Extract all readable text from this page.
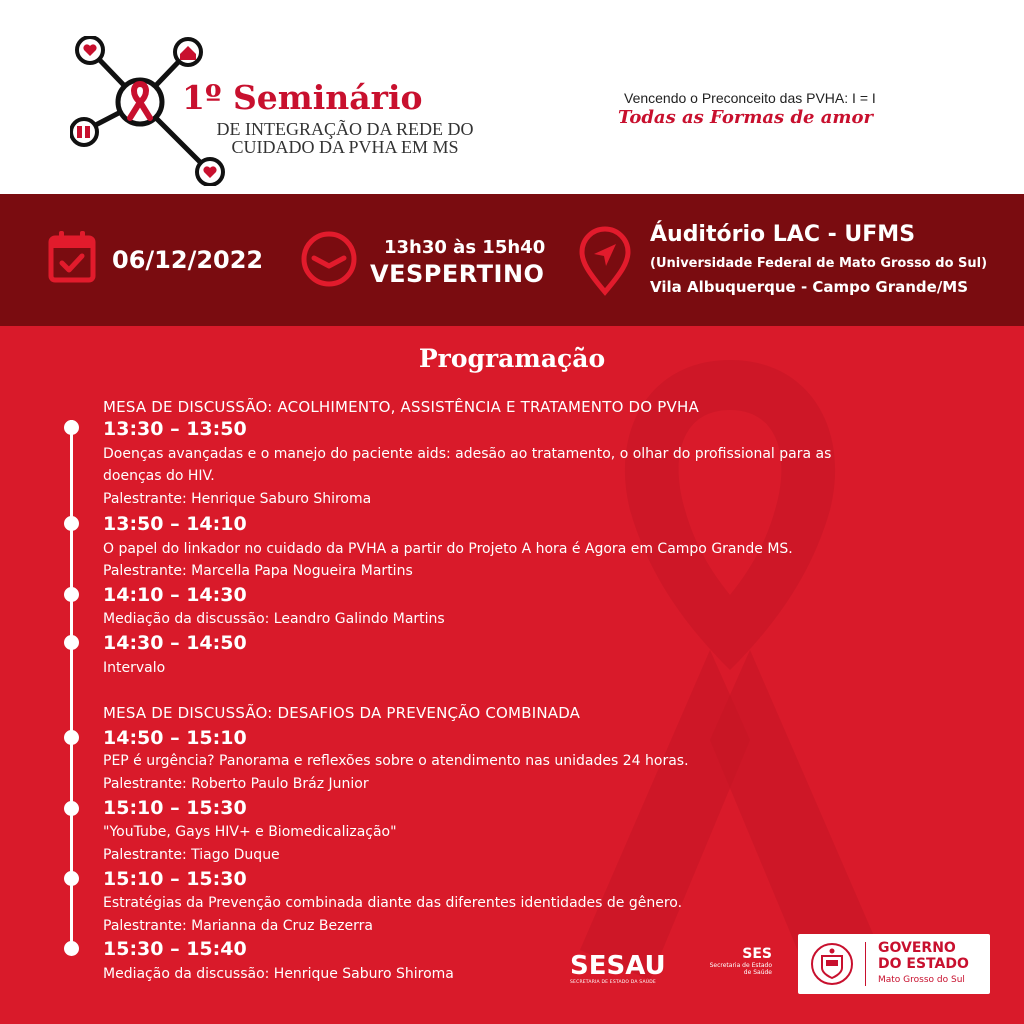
1º Seminário
DE INTEGRAÇÃO DA REDE DO
CUIDADO DA PVHA EM MS
Vencendo o Preconceito das PVHA: I = I
Todas as Formas de amor
06/12/2022	13h30 às 15h40
VESPERTINO
Áuditório LAC - UFMS
(Universidade Federal de Mato Grosso do Sul)
Vila Albuquerque - Campo Grande/MS
Programação
MESA DE DISCUSSÃO: ACOLHIMENTO, ASSISTÊNCIA E TRATAMENTO DO PVHA
13:30 – 13:50
Doenças avançadas e o manejo do paciente aids: adesão ao tratamento, o olhar do profissional para as
doenças do HIV.
Palestrante: Henrique Saburo Shiroma
13:50 – 14:10
O papel do linkador no cuidado da PVHA a partir do Projeto A hora é Agora em Campo Grande MS.
Palestrante: Marcella Papa Nogueira Martins
14:10 – 14:30
Mediação da discussão: Leandro Galindo Martins
14:30 – 14:50
Intervalo
MESA DE DISCUSSÃO: DESAFIOS DA PREVENÇÃO COMBINADA
14:50 – 15:10
PEP é urgência? Panorama e reflexões sobre o atendimento nas unidades 24 horas.
Palestrante: Roberto Paulo Bráz Junior
15:10 – 15:30
"YouTube, Gays HIV+ e Biomedicalização"
Palestrante: Tiago Duque
15:10 – 15:30
Estratégias da Prevenção combinada diante das diferentes identidades de gênero.
Palestrante: Marianna da Cruz Bezerra
15:30 – 15:40
Mediação da discussão: Henrique Saburo Shiroma	SESAU
SECRETARIA DE ESTADO DA SAÚDE
SES
Secretaria de Estado
de Saúde
GOVERNO
DO ESTADO
Mato Grosso do Sul
